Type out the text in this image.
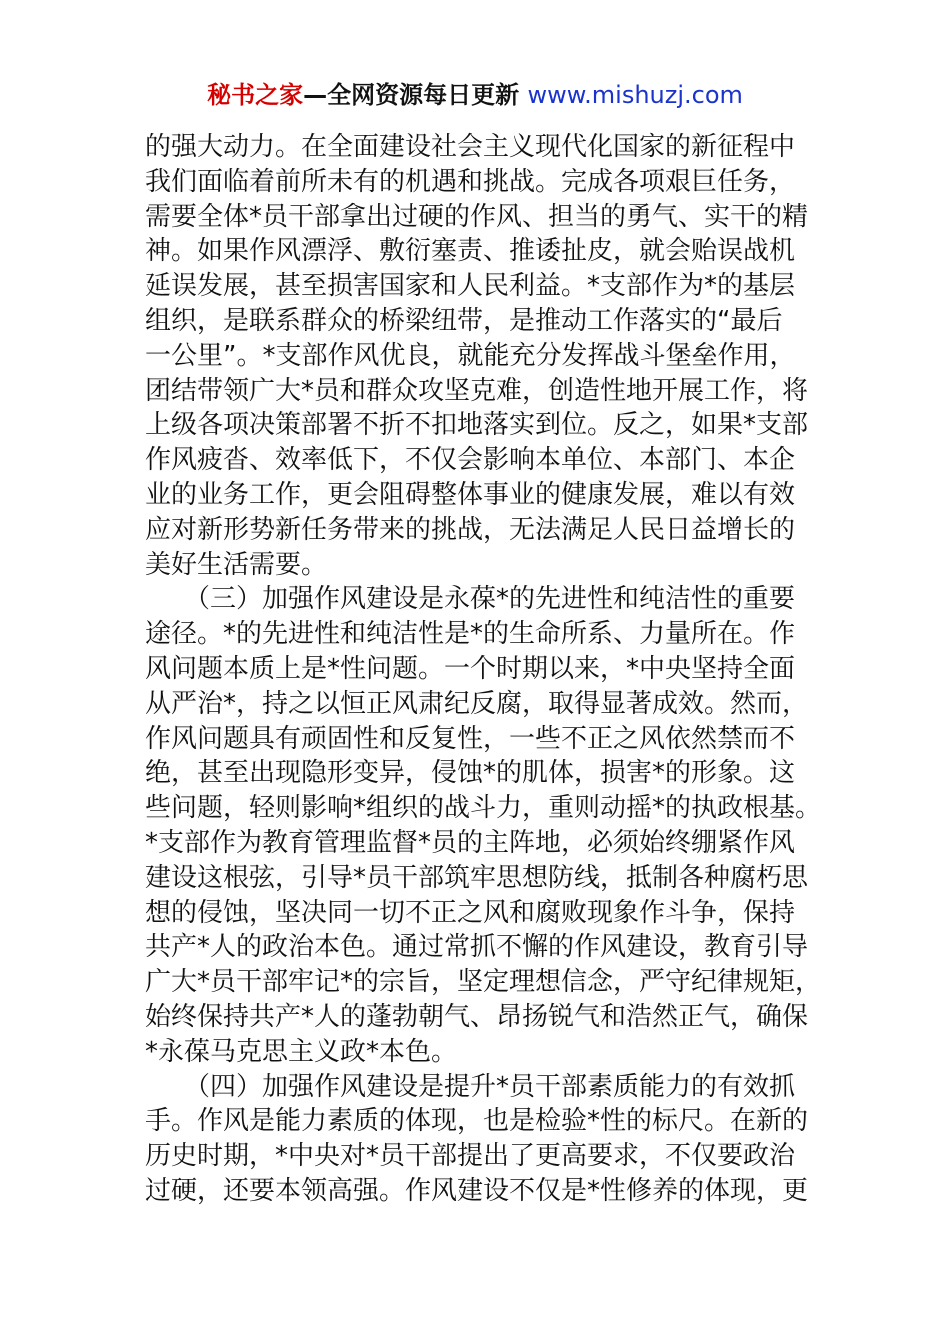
秘书之家—全网资源每日更新 www.mishuzj.com
的强大动力。在全面建设社会主义现代化国家的新征程中
我们面临着前所未有的机遇和挑战。完成各项艰巨任务，
需要全体*员干部拿出过硬的作风、担当的勇气、实干的精
神。如果作风漂浮、敷衍塞责、推诿扯皮，就会贻误战机
延误发展，甚至损害国家和人民利益。*支部作为*的基层
组织，是联系群众的桥梁纽带，是推动工作落实的“最后
一公里”。*支部作风优良，就能充分发挥战斗堡垒作用，
团结带领广大*员和群众攻坚克难，创造性地开展工作，将
上级各项决策部署不折不扣地落实到位。反之，如果*支部
作风疲沓、效率低下，不仅会影响本单位、本部门、本企
业的业务工作，更会阻碍整体事业的健康发展，难以有效
应对新形势新任务带来的挑战，无法满足人民日益增长的
美好生活需要。
　　（三）加强作风建设是永葆*的先进性和纯洁性的重要
途径。*的先进性和纯洁性是*的生命所系、力量所在。作
风问题本质上是*性问题。一个时期以来，*中央坚持全面
从严治*，持之以恒正风肃纪反腐，取得显著成效。然而，
作风问题具有顽固性和反复性，一些不正之风依然禁而不
绝，甚至出现隐形变异，侵蚀*的肌体，损害*的形象。这
些问题，轻则影响*组织的战斗力，重则动摇*的执政根基。
*支部作为教育管理监督*员的主阵地，必须始终绷紧作风
建设这根弦，引导*员干部筑牢思想防线，抵制各种腐朽思
想的侵蚀，坚决同一切不正之风和腐败现象作斗争，保持
共产*人的政治本色。通过常抓不懈的作风建设，教育引导
广大*员干部牢记*的宗旨，坚定理想信念，严守纪律规矩，
始终保持共产*人的蓬勃朝气、昂扬锐气和浩然正气，确保
*永葆马克思主义政*本色。
　　（四）加强作风建设是提升*员干部素质能力的有效抓
手。作风是能力素质的体现，也是检验*性的标尺。在新的
历史时期，*中央对*员干部提出了更高要求，不仅要政治
过硬，还要本领高强。作风建设不仅是*性修养的体现，更
